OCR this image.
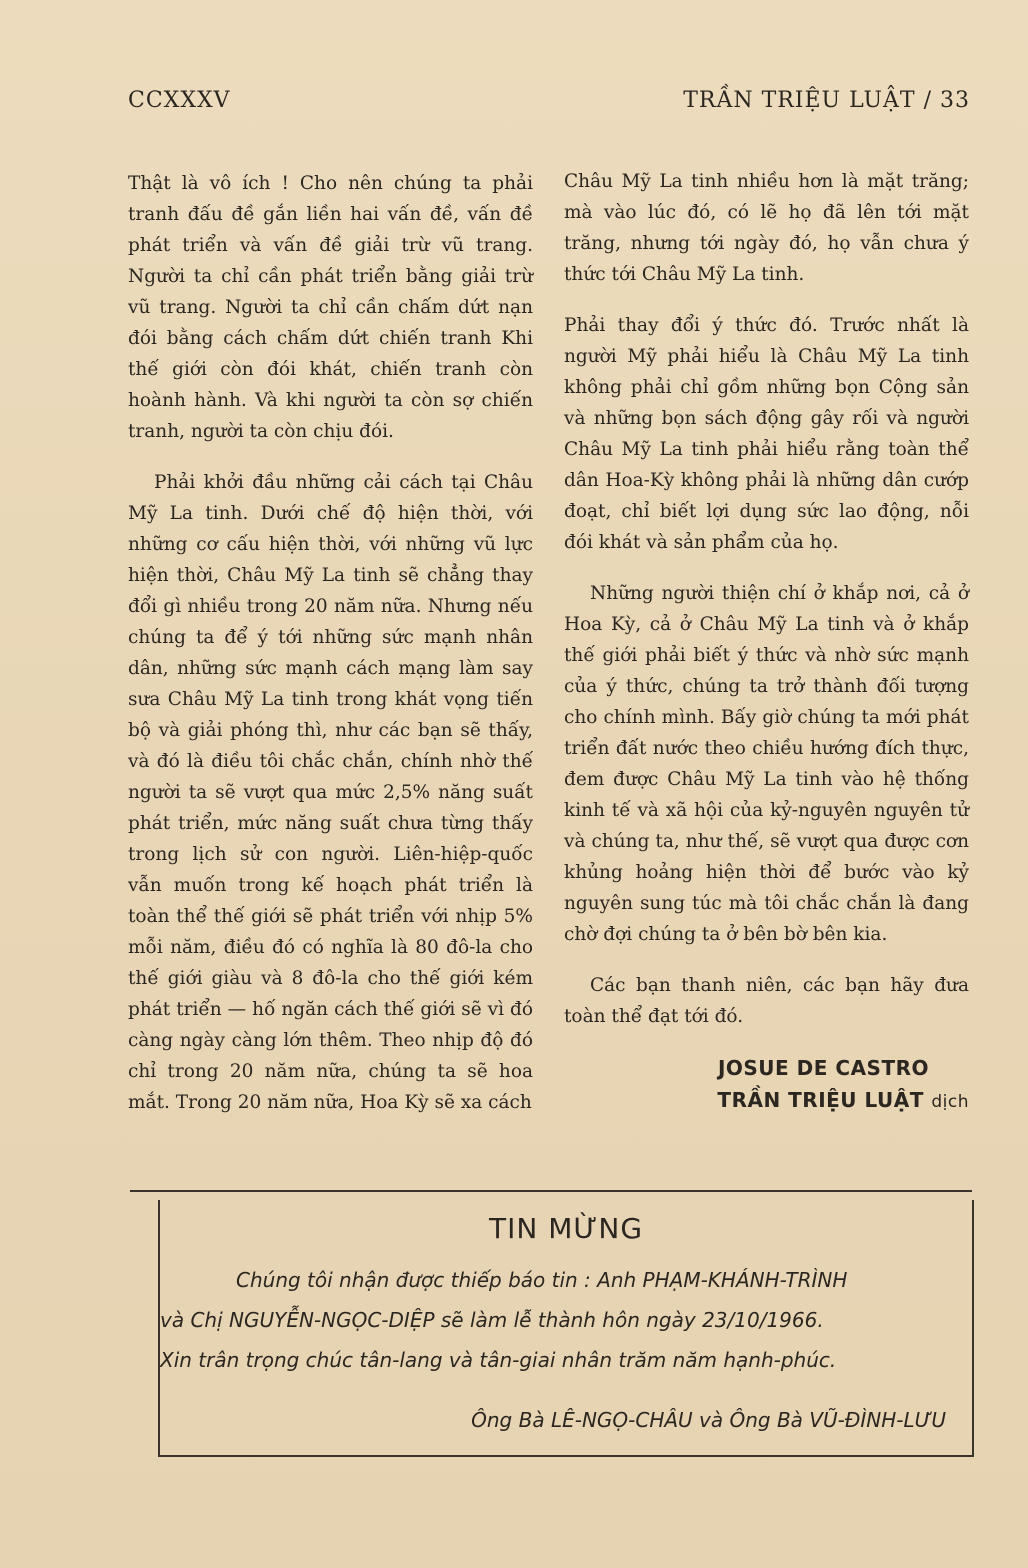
CCXXXV	TRẦN TRIỆU LUẬT / 33

Thật là vô ích ! Cho nên chúng ta phải tranh đấu đề gắn liền hai vấn đề, vấn đề phát triển và vấn đề giải trừ vũ trang. Người ta chỉ cần phát triển bằng giải trừ vũ trang. Người ta chỉ cần chấm dứt nạn đói bằng cách chấm dứt chiến tranh Khi thế giới còn đói khát, chiến tranh còn hoành hành. Và khi người ta còn sợ chiến tranh, người ta còn chịu đói.

Phải khởi đầu những cải cách tại Châu Mỹ La tinh. Dưới chế độ hiện thời, với những cơ cấu hiện thời, với những vũ lực hiện thời, Châu Mỹ La tinh sẽ chẳng thay đổi gì nhiều trong 20 năm nữa. Nhưng nếu chúng ta để ý tới những sức mạnh nhân dân, những sức mạnh cách mạng làm say sưa Châu Mỹ La tinh trong khát vọng tiến bộ và giải phóng thì, như các bạn sẽ thấy, và đó là điều tôi chắc chắn, chính nhờ thế người ta sẽ vượt qua mức 2,5% năng suất phát triển, mức năng suất chưa từng thấy trong lịch sử con người. Liên-hiệp-quốc vẫn muốn trong kế hoạch phát triển là toàn thể thế giới sẽ phát triển với nhịp 5% mỗi năm, điều đó có nghĩa là 80 đô-la cho thế giới giàu và 8 đô-la cho thế giới kém phát triển — hố ngăn cách thế giới sẽ vì đó càng ngày càng lớn thêm. Theo nhịp độ đó chỉ trong 20 năm nữa, chúng ta sẽ hoa mắt. Trong 20 năm nữa, Hoa Kỳ sẽ xa cách

Châu Mỹ La tinh nhiều hơn là mặt trăng; mà vào lúc đó, có lẽ họ đã lên tới mặt trăng, nhưng tới ngày đó, họ vẫn chưa ý thức tới Châu Mỹ La tinh.

Phải thay đổi ý thức đó. Trước nhất là người Mỹ phải hiểu là Châu Mỹ La tinh không phải chỉ gồm những bọn Cộng sản và những bọn sách động gây rối và người Châu Mỹ La tinh phải hiểu rằng toàn thể dân Hoa-Kỳ không phải là những dân cướp đoạt, chỉ biết lợi dụng sức lao động, nỗi đói khát và sản phẩm của họ.

Những người thiện chí ở khắp nơi, cả ở Hoa Kỳ, cả ở Châu Mỹ La tinh và ở khắp thế giới phải biết ý thức và nhờ sức mạnh của ý thức, chúng ta trở thành đối tượng cho chính mình. Bấy giờ chúng ta mới phát triển đất nước theo chiều hướng đích thực, đem được Châu Mỹ La tinh vào hệ thống kinh tế và xã hội của kỷ-nguyên nguyên tử và chúng ta, như thế, sẽ vượt qua được cơn khủng hoảng hiện thời để bước vào kỷ nguyên sung túc mà tôi chắc chắn là đang chờ đợi chúng ta ở bên bờ bên kia.

Các bạn thanh niên, các bạn hãy đưa toàn thể đạt tới đó.

JOSUE DE CASTRO
TRẦN TRIỆU LUẬT dịch
TIN MỪNG
Chúng tôi nhận được thiếp báo tin : Anh PHẠM-KHÁNH-TRÌNH
và Chị NGUYỄN-NGỌC-DIỆP sẽ làm lễ thành hôn ngày 23/10/1966.
Xin trân trọng chúc tân-lang và tân-giai nhân trăm năm hạnh-phúc.
Ông Bà LÊ-NGỌ-CHÂU và Ông Bà VŨ-ĐÌNH-LƯU
